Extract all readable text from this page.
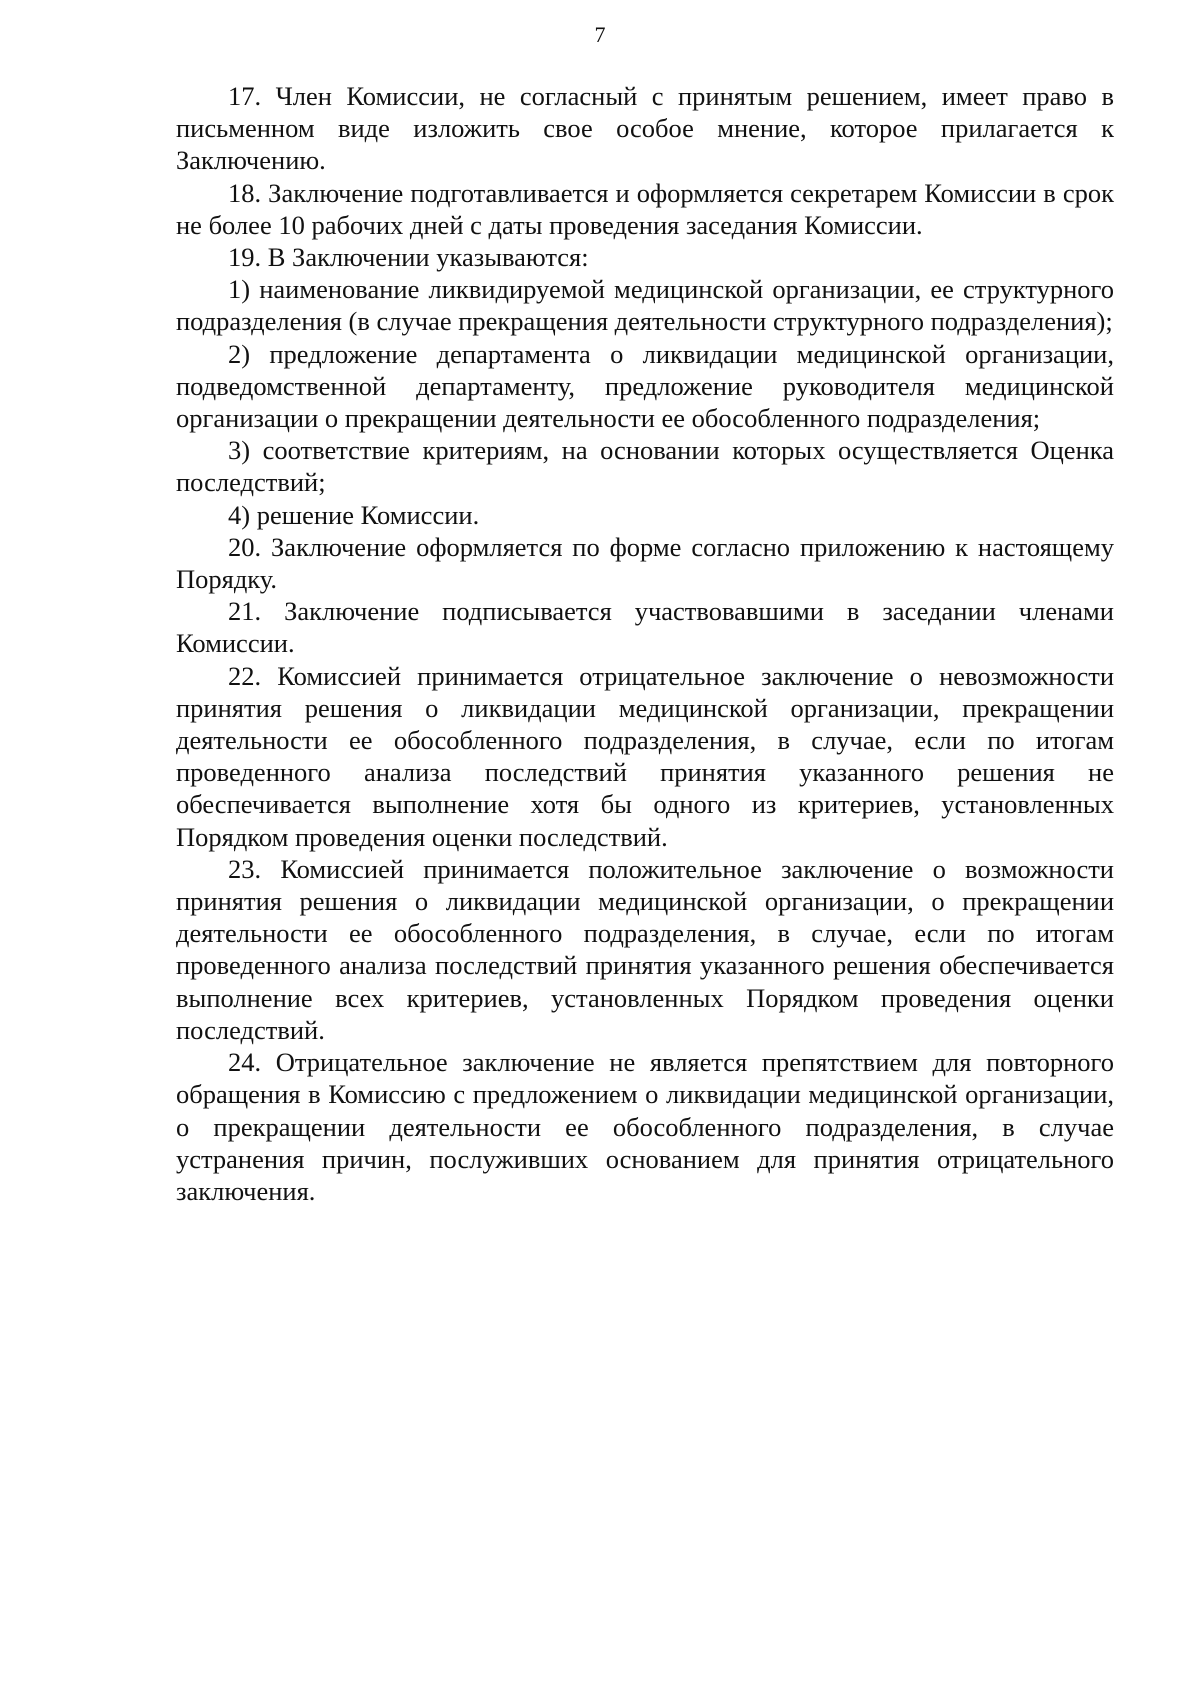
7

17. Член Комиссии, не согласный с принятым решением, имеет право в письменном виде изложить свое особое мнение, которое прилагается к Заключению.

18. Заключение подготавливается и оформляется секретарем Комиссии в срок не более 10 рабочих дней с даты проведения заседания Комиссии.

19. В Заключении указываются:

1) наименование ликвидируемой медицинской организации, ее структурного подразделения (в случае прекращения деятельности структурного подразделения);

2) предложение департамента о ликвидации медицинской организации, подведомственной департаменту, предложение руководителя медицинской организации о прекращении деятельности ее обособленного подразделения;

3) соответствие критериям, на основании которых осуществляется Оценка последствий;

4) решение Комиссии.

20. Заключение оформляется по форме согласно приложению к настоящему Порядку.

21. Заключение подписывается участвовавшими в заседании членами Комиссии.

22. Комиссией принимается отрицательное заключение о невозможности принятия решения о ликвидации медицинской организации, прекращении деятельности ее обособленного подразделения, в случае, если по итогам проведенного анализа последствий принятия указанного решения не обеспечивается выполнение хотя бы одного из критериев, установленных Порядком проведения оценки последствий.

23. Комиссией принимается положительное заключение о возможности принятия решения о ликвидации медицинской организации, о прекращении деятельности ее обособленного подразделения, в случае, если по итогам проведенного анализа последствий принятия указанного решения обеспечивается выполнение всех критериев, установленных Порядком проведения оценки последствий.

24. Отрицательное заключение не является препятствием для повторного обращения в Комиссию с предложением о ликвидации медицинской организации, о прекращении деятельности ее обособленного подразделения, в случае устранения причин, послуживших основанием для принятия отрицательного заключения.
